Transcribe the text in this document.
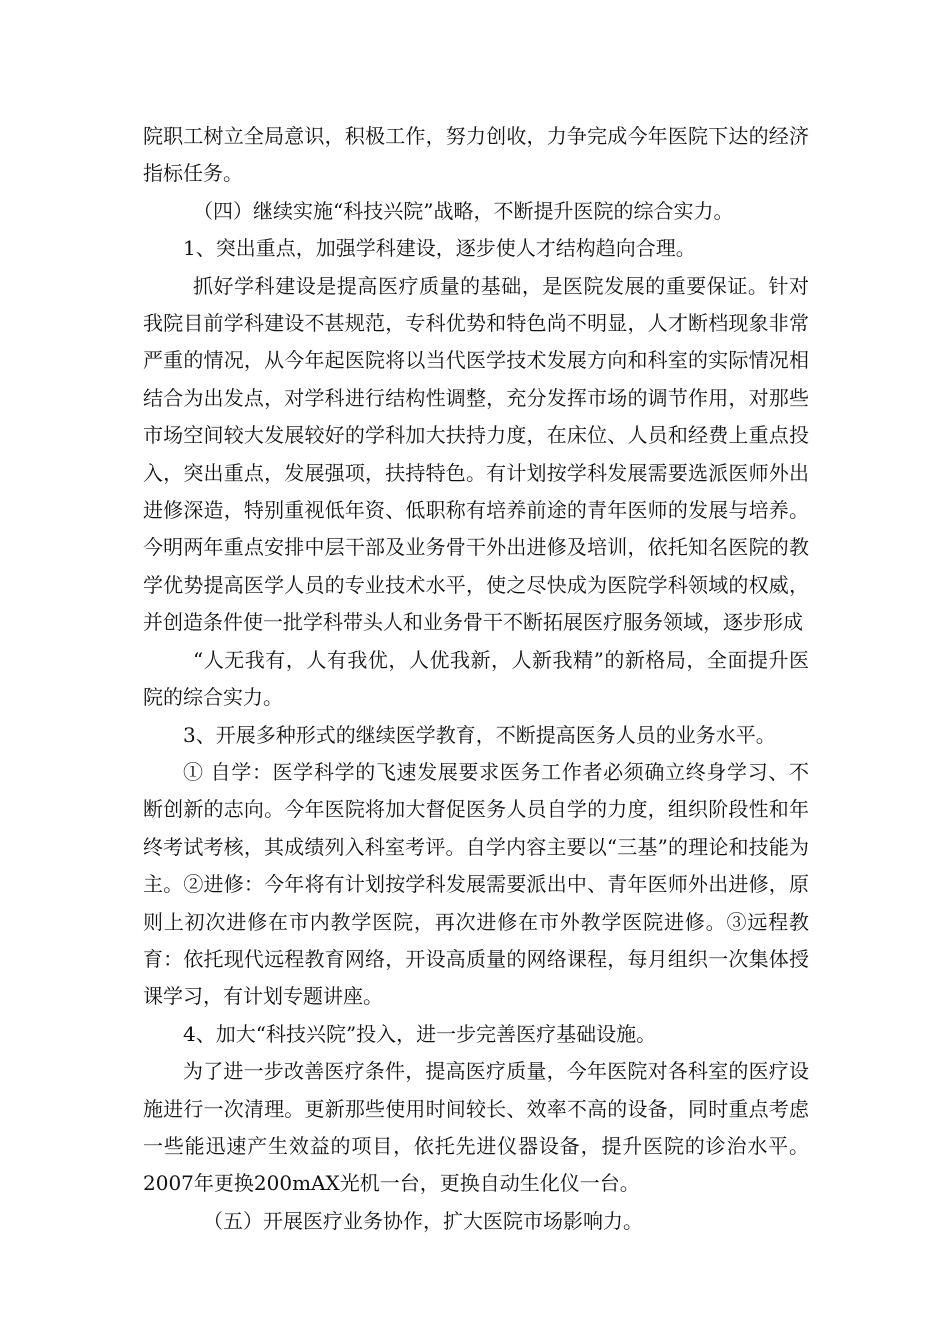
院职工树立全局意识，积极工作，努力创收，力争完成今年医院下达的经济指标任务。

（四）继续实施“科技兴院”战略，不断提升医院的综合实力。

1、突出重点，加强学科建设，逐步使人才结构趋向合理。

抓好学科建设是提高医疗质量的基础，是医院发展的重要保证。针对我院目前学科建设不甚规范，专科优势和特色尚不明显，人才断档现象非常严重的情况，从今年起医院将以当代医学技术发展方向和科室的实际情况相结合为出发点，对学科进行结构性调整，充分发挥市场的调节作用，对那些市场空间较大发展较好的学科加大扶持力度，在床位、人员和经费上重点投入，突出重点，发展强项，扶持特色。有计划按学科发展需要选派医师外出进修深造，特别重视低年资、低职称有培养前途的青年医师的发展与培养。今明两年重点安排中层干部及业务骨干外出进修及培训，依托知名医院的教学优势提高医学人员的专业技术水平，使之尽快成为医院学科领域的权威，并创造条件使一批学科带头人和业务骨干不断拓展医疗服务领域，逐步形成

“人无我有，人有我优，人优我新，人新我精”的新格局，全面提升医院的综合实力。

3、开展多种形式的继续医学教育，不断提高医务人员的业务水平。

① 自学：医学科学的飞速发展要求医务工作者必须确立终身学习、不断创新的志向。今年医院将加大督促医务人员自学的力度，组织阶段性和年终考试考核，其成绩列入科室考评。自学内容主要以“三基”的理论和技能为主。②进修：今年将有计划按学科发展需要派出中、青年医师外出进修，原则上初次进修在市内教学医院，再次进修在市外教学医院进修。③远程教育：依托现代远程教育网络，开设高质量的网络课程，每月组织一次集体授课学习，有计划专题讲座。

4、加大“科技兴院”投入，进一步完善医疗基础设施。

为了进一步改善医疗条件，提高医疗质量，今年医院对各科室的医疗设施进行一次清理。更新那些使用时间较长、效率不高的设备，同时重点考虑一些能迅速产生效益的项目，依托先进仪器设备，提升医院的诊治水平。2007年更换200mAX光机一台，更换自动生化仪一台。

（五）开展医疗业务协作，扩大医院市场影响力。
